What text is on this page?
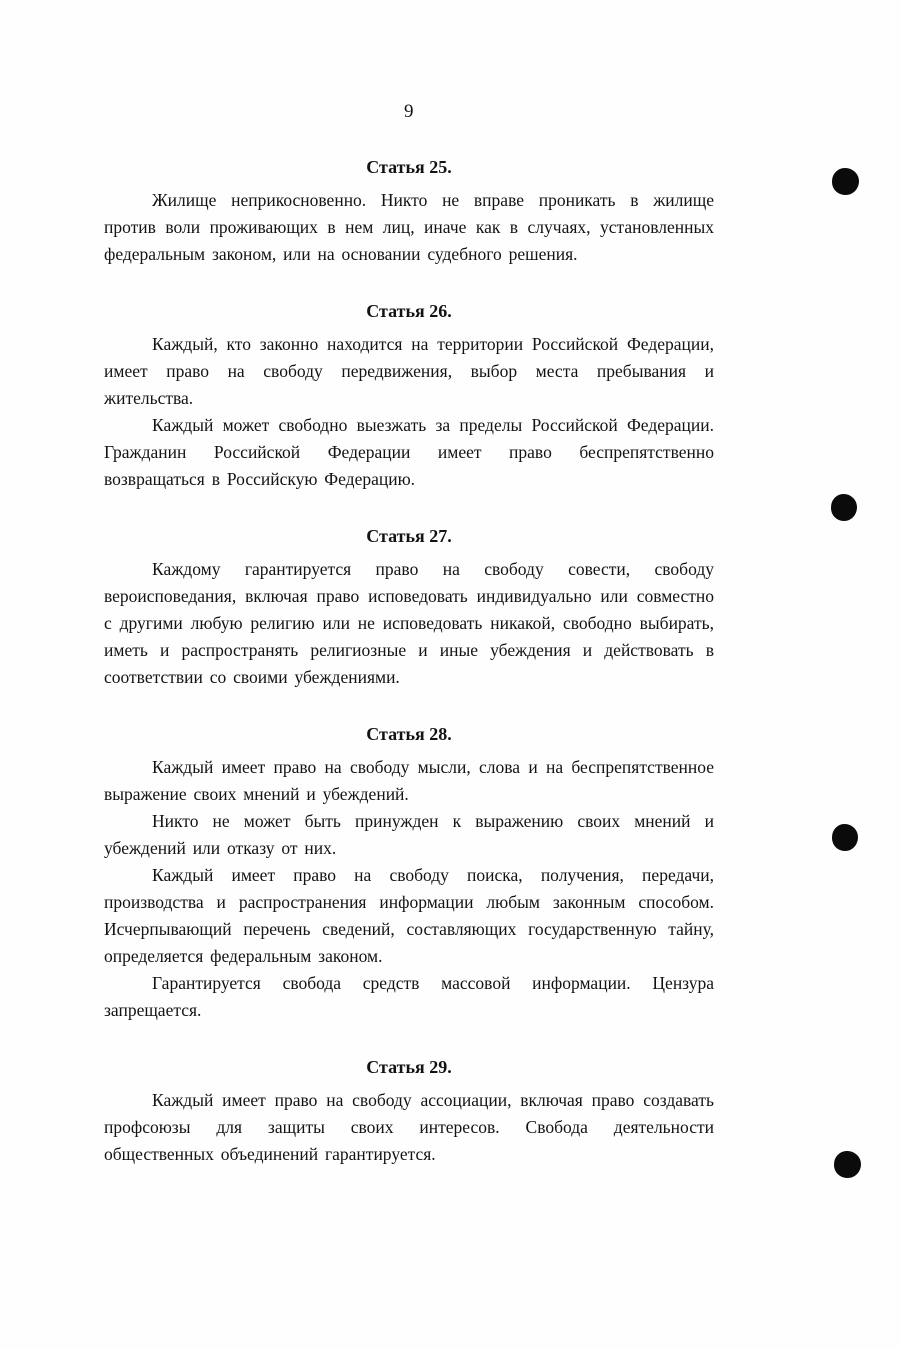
9
Статья 25.

Жилище неприкосновенно. Никто не вправе проникать в жилище против воли проживающих в нем лиц, иначе как в случаях, установленных федеральным законом, или на основании судебного решения.

Статья 26.

Каждый, кто законно находится на территории Российской Федерации, имеет право на свободу передвижения, выбор места пребывания и жительства.

Каждый может свободно выезжать за пределы Российской Федерации. Гражданин Российской Федерации имеет право беспрепятственно возвращаться в Российскую Федерацию.

Статья 27.

Каждому гарантируется право на свободу совести, свободу вероисповедания, включая право исповедовать индивидуально или совместно с другими любую религию или не исповедовать никакой, свободно выбирать, иметь и распространять религиозные и иные убеждения и действовать в соответствии со своими убеждениями.

Статья 28.

Каждый имеет право на свободу мысли, слова и на беспрепятственное выражение своих мнений и убеждений.

Никто не может быть принужден к выражению своих мнений и убеждений или отказу от них.

Каждый имеет право на свободу поиска, получения, передачи, производства и распространения информации любым законным способом. Исчерпывающий перечень сведений, составляющих государственную тайну, определяется федеральным законом.

Гарантируется свобода средств массовой информации. Цензура запрещается.

Статья 29.

Каждый имеет право на свободу ассоциации, включая право создавать профсоюзы для защиты своих интересов. Свобода деятельности общественных объединений гарантируется.
